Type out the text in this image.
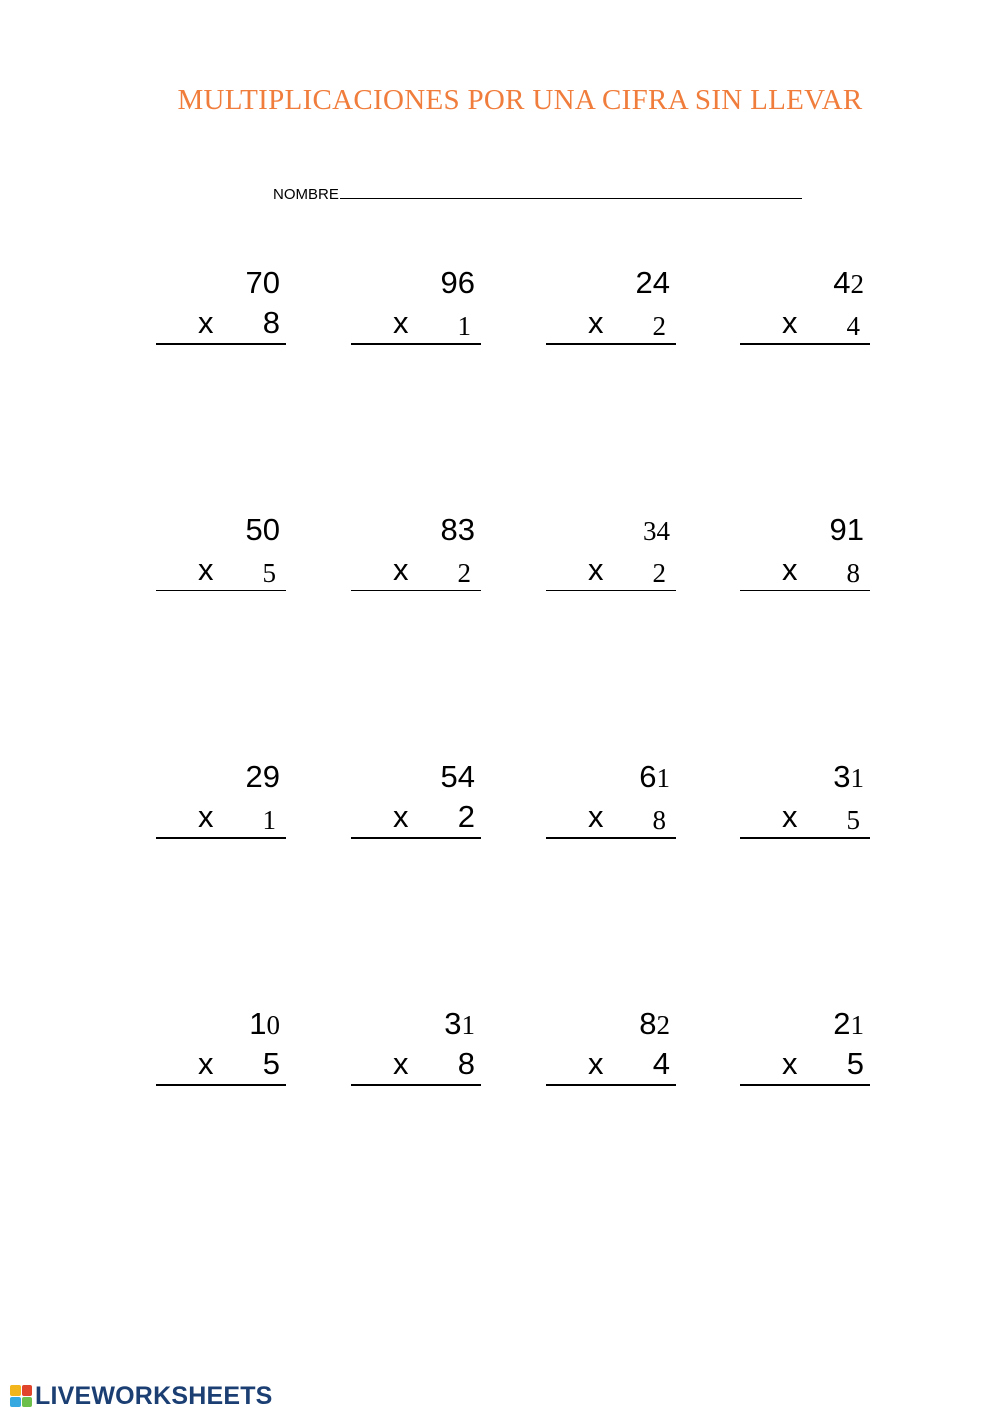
MULTIPLICACIONES POR UNA CIFRA SIN LLEVAR
NOMBRE
70
x 8
96
x 1
24
x 2
42
x 4
50
x 5
83
x 2
34
x 2
91
x 8
29
x 1
54
x 2
61
x 8
31
x 5
10
x 5
31
x 8
82
x 4
21
x 5
LIVEWORKSHEETS
